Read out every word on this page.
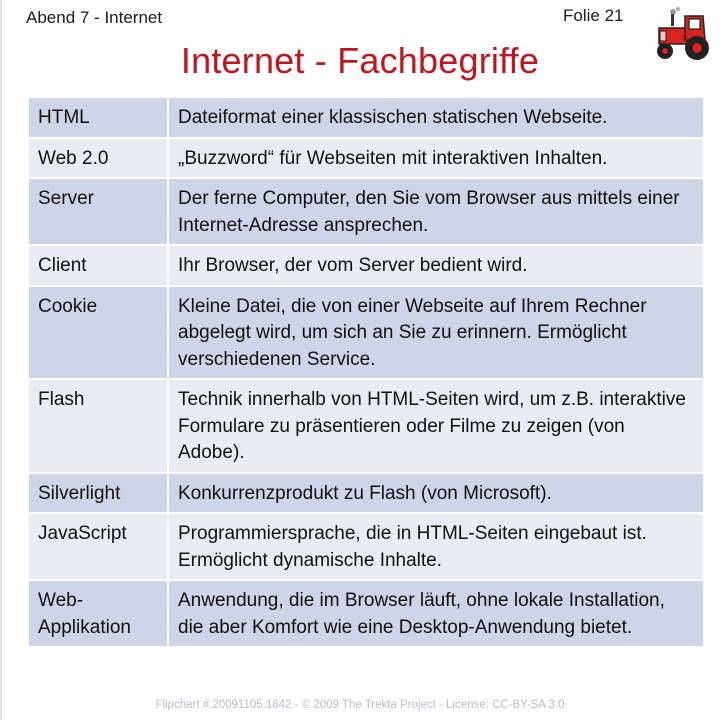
Abend 7 - Internet	Folie 21
Internet - Fachbegriffe
HTML	Dateiformat einer klassischen statischen Webseite.
Web 2.0	„Buzzword“ für Webseiten mit interaktiven Inhalten.
Server	Der ferne Computer, den Sie vom Browser aus mittels einer Internet-Adresse ansprechen.
Client	Ihr Browser, der vom Server bedient wird.
Cookie	Kleine Datei, die von einer Webseite auf Ihrem Rechner abgelegt wird, um sich an Sie zu erinnern. Ermöglicht verschiedenen Service.
Flash	Technik innerhalb von HTML-Seiten wird, um z.B. interaktive Formulare zu präsentieren oder Filme zu zeigen (von Adobe).
Silverlight	Konkurrenzprodukt zu Flash (von Microsoft).
JavaScript	Programmiersprache, die in HTML-Seiten eingebaut ist. Ermöglicht dynamische Inhalte.
Web-Applikation	Anwendung, die im Browser läuft, ohne lokale Installation, die aber Komfort wie eine Desktop-Anwendung bietet.
Flipchart # 20091105.1842 - © 2009 The Trekta Project - License: CC-BY-SA 3.0
